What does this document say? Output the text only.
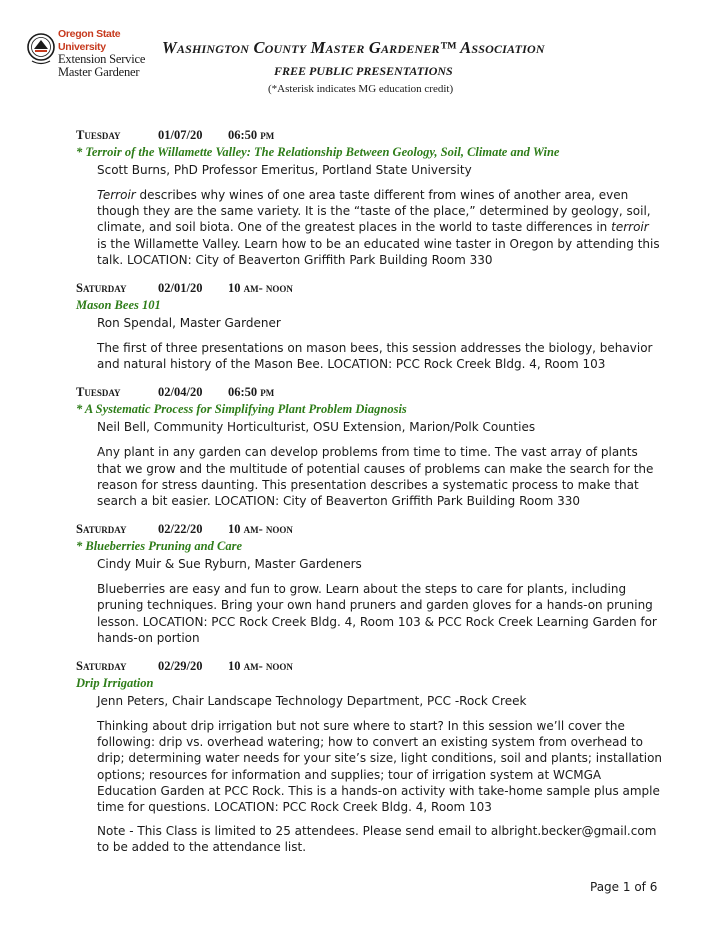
Oregon State University
Extension Service
Master Gardener
Washington County Master Gardener™ Association
FREE PUBLIC PRESENTATIONS
(*Asterisk indicates MG education credit)
Tuesday	01/07/20 06:50 pm
* Terroir of the Willamette Valley: The Relationship Between Geology, Soil, Climate and Wine
Scott Burns, PhD Professor Emeritus, Portland State University
Terroir describes why wines of one area taste different from wines of another area, even though they are the same variety. It is the “taste of the place,” determined by geology, soil, climate, and soil biota. One of the greatest places in the world to taste differences in terroir is the Willamette Valley. Learn how to be an educated wine taster in Oregon by attending this talk. LOCATION: City of Beaverton Griffith Park Building Room 330
Saturday	02/01/20 10 am- noon
Mason Bees 101
Ron Spendal, Master Gardener
The first of three presentations on mason bees, this session addresses the biology, behavior and natural history of the Mason Bee. LOCATION: PCC Rock Creek Bldg. 4, Room 103
Tuesday	02/04/20 06:50 pm
* A Systematic Process for Simplifying Plant Problem Diagnosis
Neil Bell, Community Horticulturist, OSU Extension, Marion/Polk Counties
Any plant in any garden can develop problems from time to time. The vast array of plants that we grow and the multitude of potential causes of problems can make the search for the reason for stress daunting. This presentation describes a systematic process to make that search a bit easier. LOCATION: City of Beaverton Griffith Park Building Room 330
Saturday	02/22/20 10 am- noon
* Blueberries Pruning and Care
Cindy Muir & Sue Ryburn, Master Gardeners
Blueberries are easy and fun to grow. Learn about the steps to care for plants, including pruning techniques. Bring your own hand pruners and garden gloves for a hands-on pruning lesson. LOCATION: PCC Rock Creek Bldg. 4, Room 103 & PCC Rock Creek Learning Garden for hands-on portion
Saturday	02/29/20 10 am- noon
Drip Irrigation
Jenn Peters, Chair Landscape Technology Department, PCC -Rock Creek
Thinking about drip irrigation but not sure where to start? In this session we’ll cover the following: drip vs. overhead watering; how to convert an existing system from overhead to drip; determining water needs for your site’s size, light conditions, soil and plants; installation options; resources for information and supplies; tour of irrigation system at WCMGA Education Garden at PCC Rock. This is a hands-on activity with take-home sample plus ample time for questions. LOCATION: PCC Rock Creek Bldg. 4, Room 103
Note - This Class is limited to 25 attendees. Please send email to albright.becker@gmail.com to be added to the attendance list.
Page 1 of 6
